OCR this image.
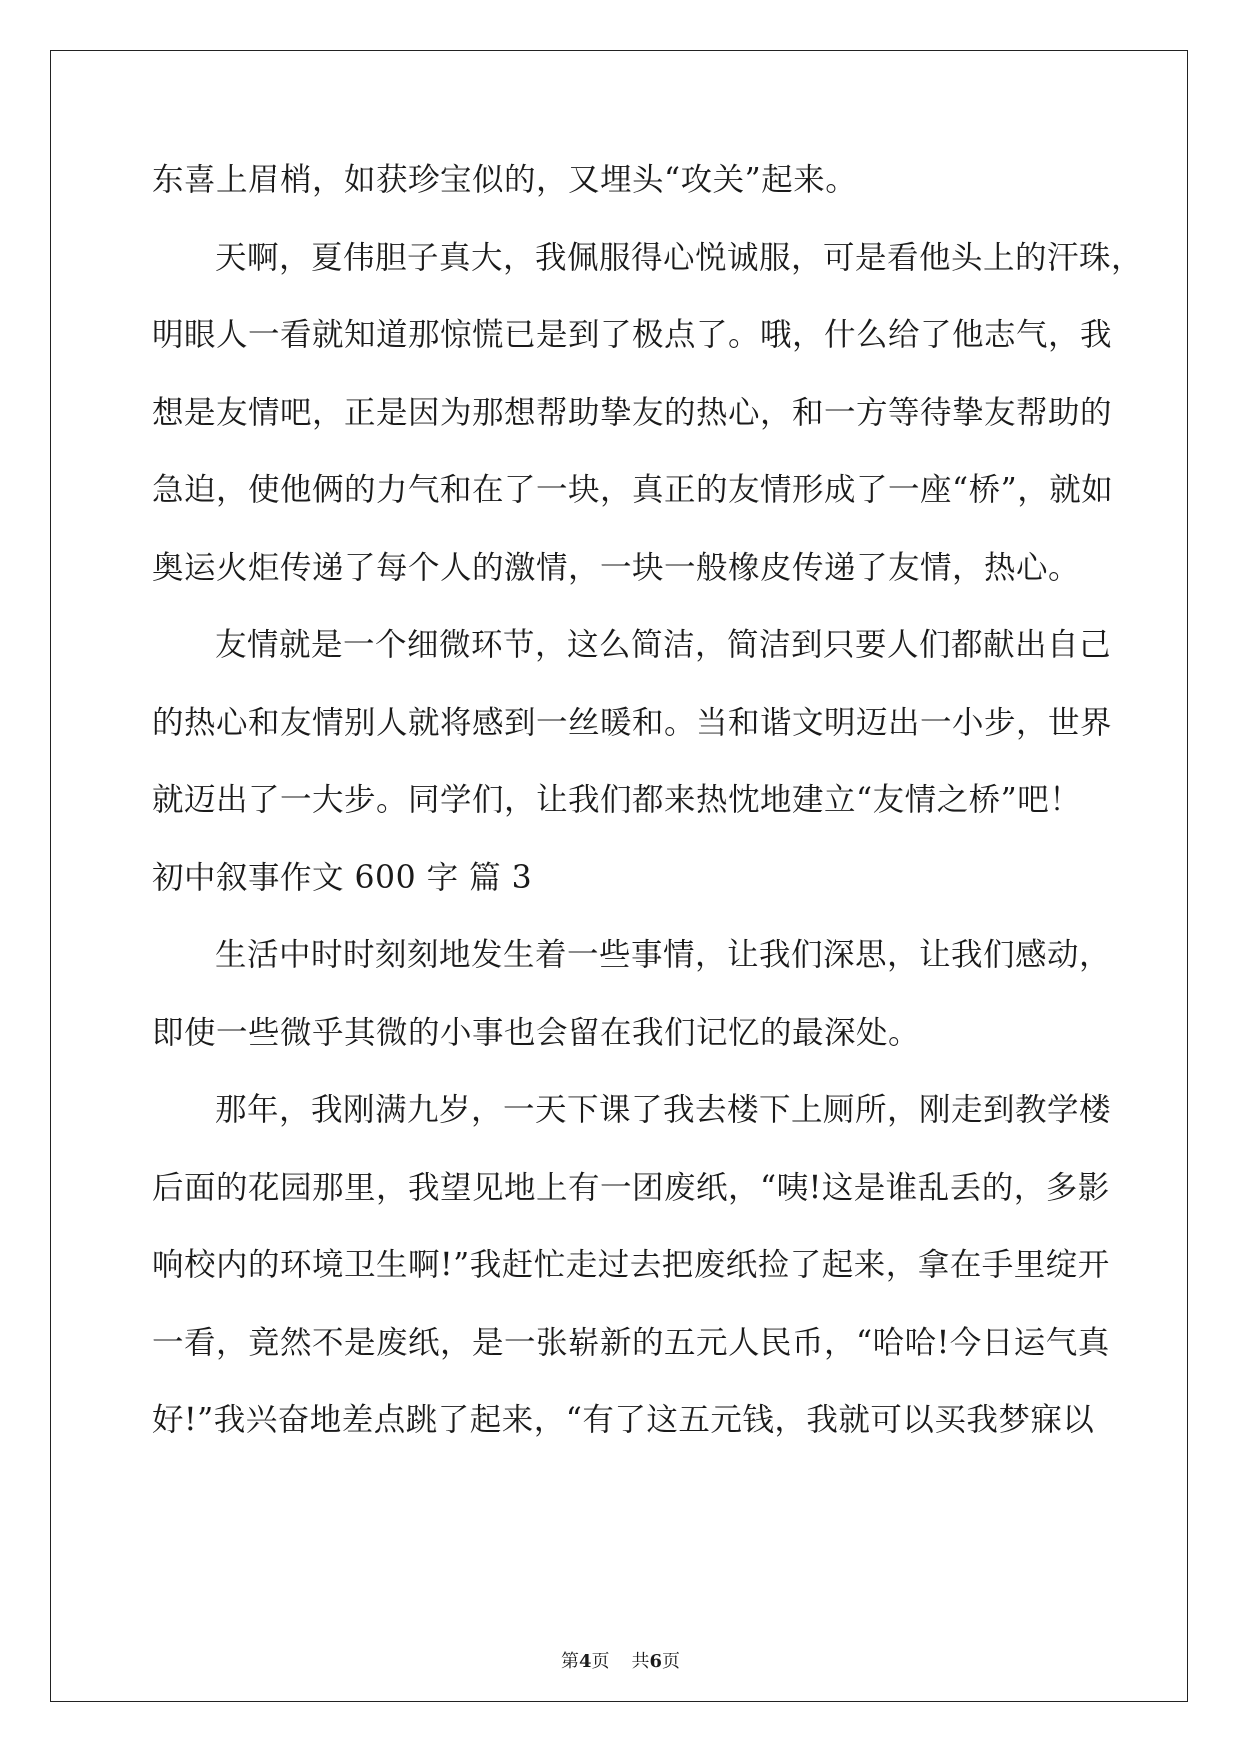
东喜上眉梢，如获珍宝似的，又埋头“攻关”起来。
天啊，夏伟胆子真大，我佩服得心悦诚服，可是看他头上的汗珠，
明眼人一看就知道那惊慌已是到了极点了。哦，什么给了他志气，我
想是友情吧，正是因为那想帮助挚友的热心，和一方等待挚友帮助的
急迫，使他俩的力气和在了一块，真正的友情形成了一座“桥”，就如
奥运火炬传递了每个人的激情，一块一般橡皮传递了友情，热心。
友情就是一个细微环节，这么简洁，简洁到只要人们都献出自己
的热心和友情别人就将感到一丝暖和。当和谐文明迈出一小步，世界
就迈出了一大步。同学们，让我们都来热忱地建立“友情之桥”吧！
初中叙事作文 600 字 篇 3
生活中时时刻刻地发生着一些事情，让我们深思，让我们感动，
即使一些微乎其微的小事也会留在我们记忆的最深处。
那年，我刚满九岁，一天下课了我去楼下上厕所，刚走到教学楼
后面的花园那里，我望见地上有一团废纸，“咦!这是谁乱丢的，多影
响校内的环境卫生啊!”我赶忙走过去把废纸捡了起来，拿在手里绽开
一看，竟然不是废纸，是一张崭新的五元人民币，“哈哈!今日运气真
好!”我兴奋地差点跳了起来，“有了这五元钱，我就可以买我梦寐以
第4页 共6页
